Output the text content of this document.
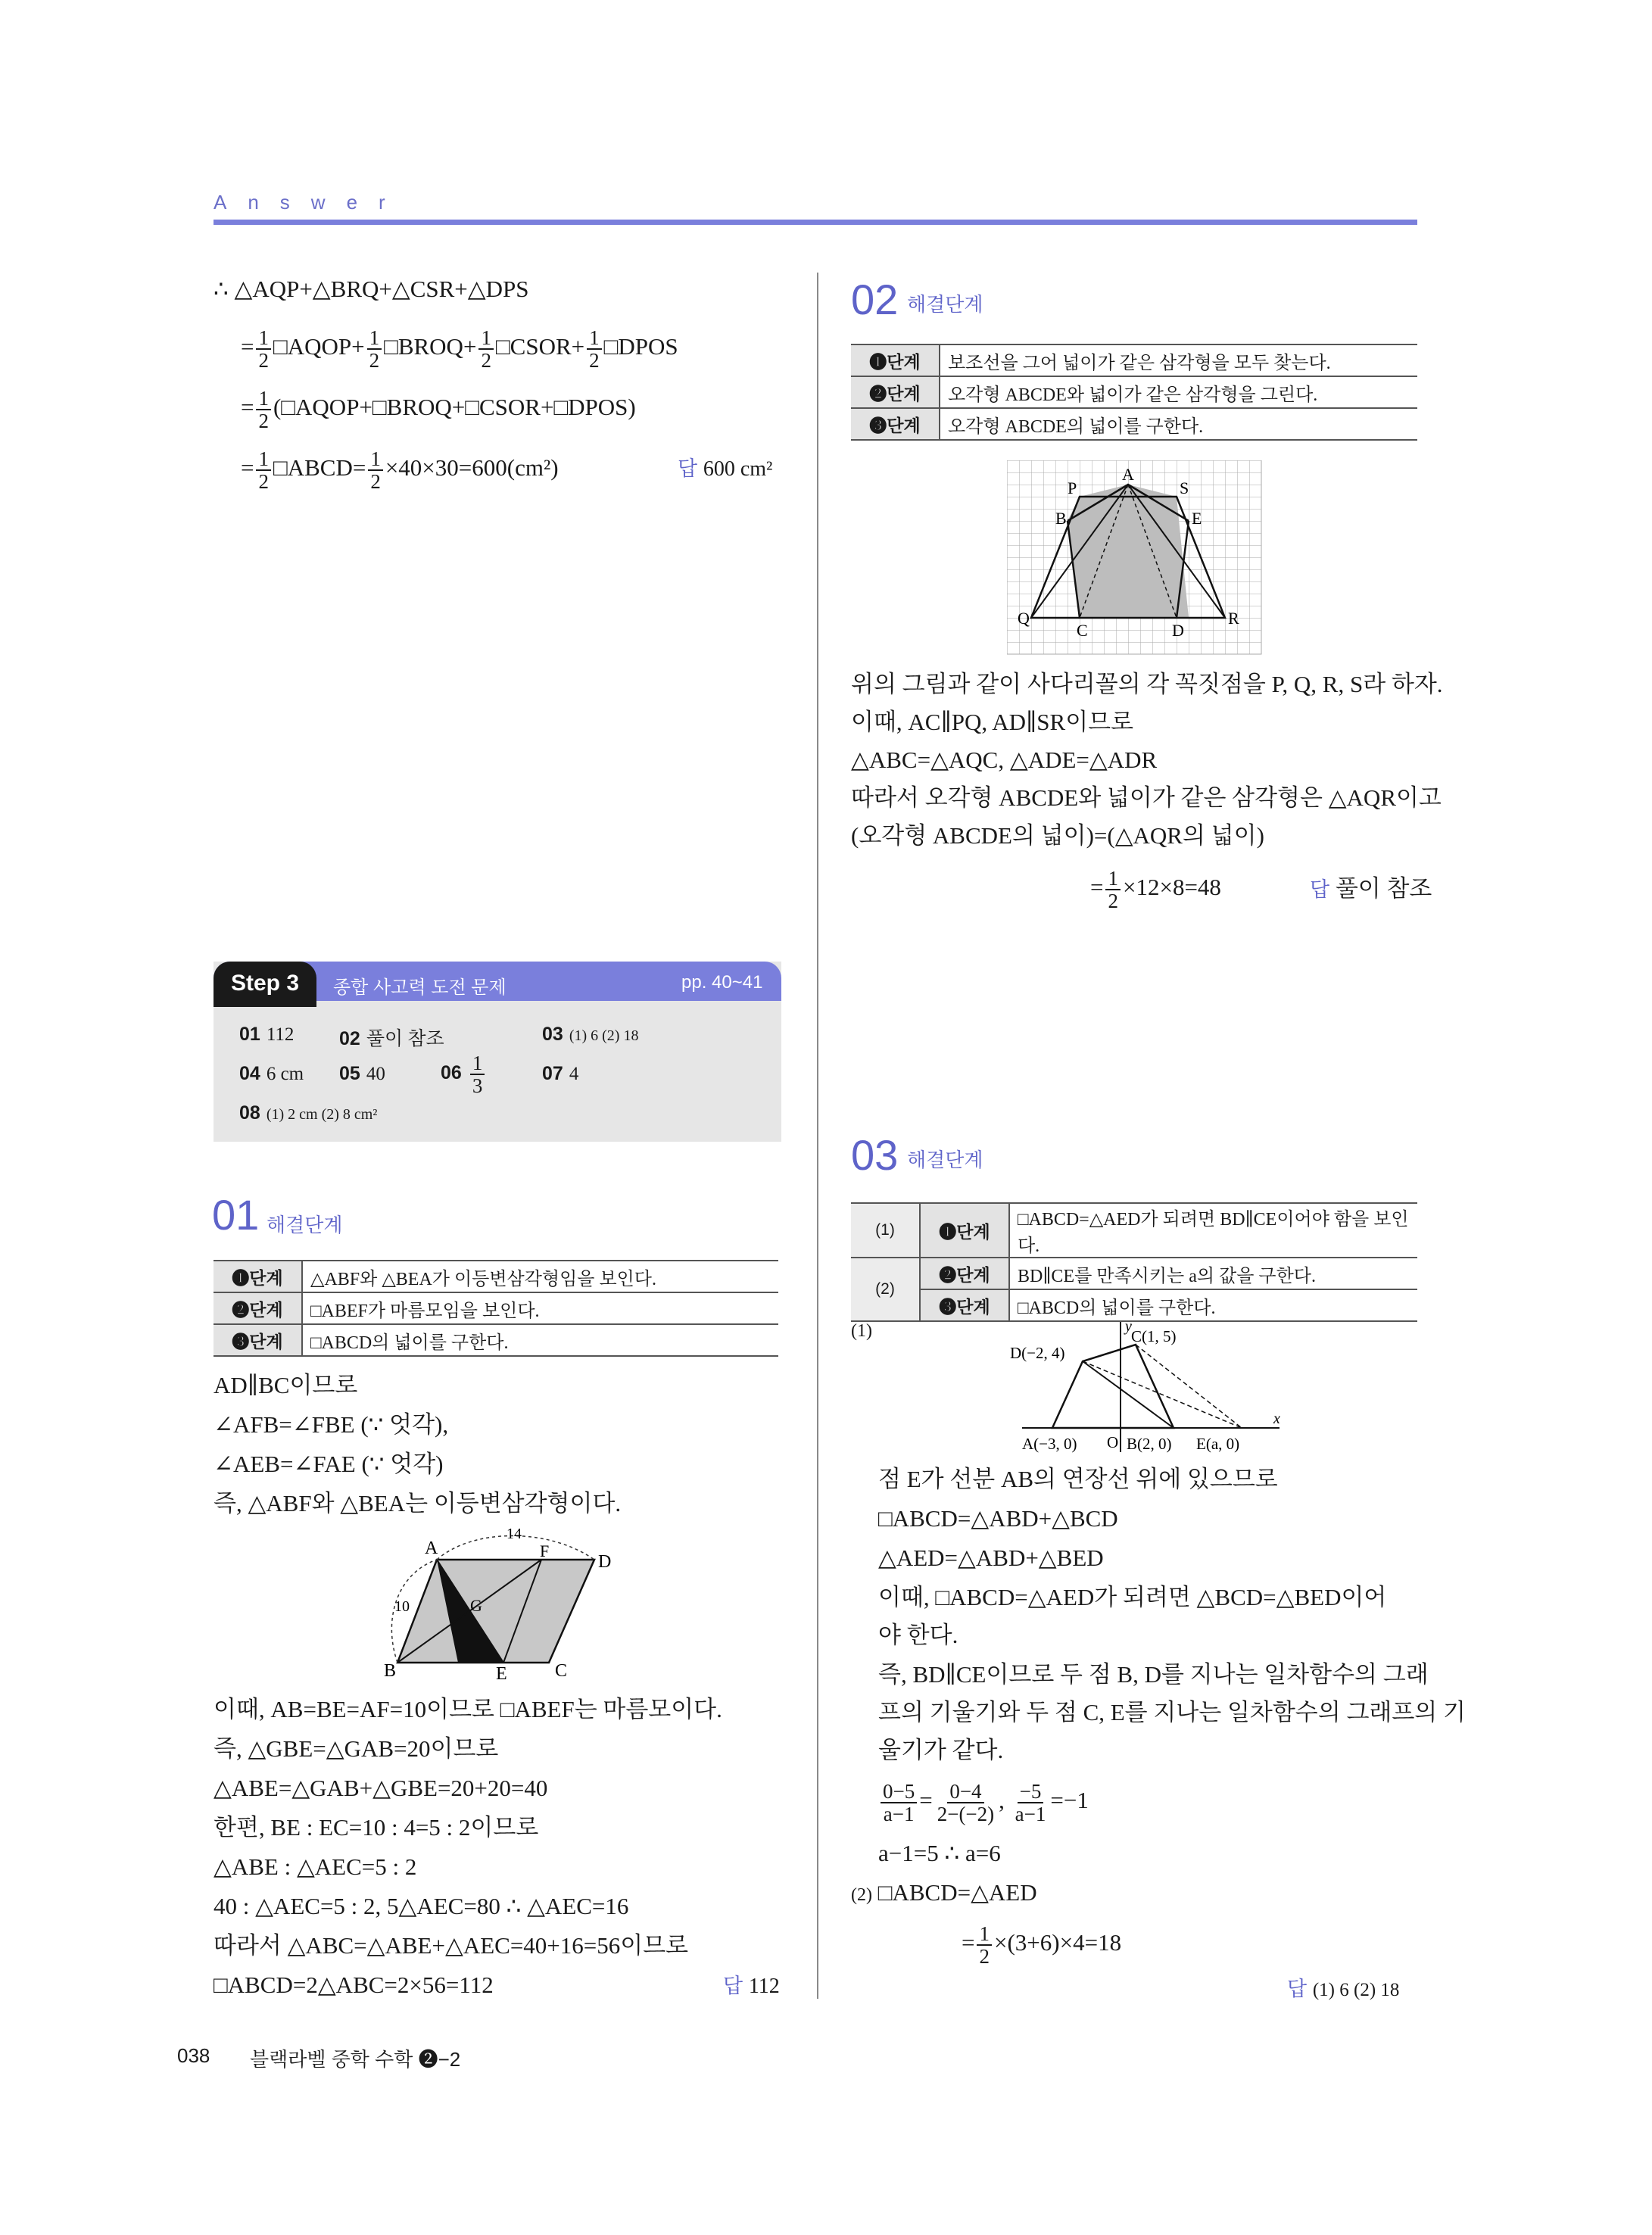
Answer
∴ △AQP+△BRQ+△CSR+△DPS
= $\frac{1}{2}$ □AQOP+ $\frac{1}{2}$ □BROQ+ $\frac{1}{2}$ □CSOR+ $\frac{1}{2}$ □DPOS
= $\frac{1}{2}$ (□AQOP+□BROQ+□CSOR+□DPOS)
= $\frac{1}{2}$ □ABCD= $\frac{1}{2} \times 40\times 30=600(cm^2)$	답 600 cm²
Step 3	종합 사고력 도전 문제	pp. 40~41
01 112 02 풀이 참조	03 (1) 6 (2) 18
04 6 cm 05 40	$06 \frac{1}{3}$	07 4
08 (1) 2 cm (2) 8 cm²
01 해결단계
❶단계	△ABF와 △BEA가 이등변삼각형임을 보인다.
❷단계	□ABEF가 마름모임을 보인다.
❸단계	□ABCD의 넓이를 구한다.
AD∥BC이므로
∠AFB=∠FBE (∵ 엇각),
∠AEB=∠FAE (∵ 엇각)
즉, △ABF와 △BEA는 이등변삼각형이다.
A
D
B	C
E
F
G
14
10
이때, AB=BE=AF=10이므로 □ABEF는 마름모이다.
즉, △GBE=△GAB=20이므로
△ABE=△GAB+△GBE=20+20=40
한편, BE : EC=10 : 4=5 : 2이므로
△ABE : △AEC=5 : 2
40 : △AEC=5 : 2, 5△AEC=80 ∴ △AEC=16
따라서 △ABC=△ABE+△AEC=40+16=56이므로
□ABCD=2△ABC=2×56=112	답 112
02 해결단계
❶단계	보조선을 그어 넓이가 같은 삼각형을 모두 찾는다.
❷단계	오각형 ABCDE와 넓이가 같은 삼각형을 그린다.
❸단계	오각형 ABCDE의 넓이를 구한다.
P
A
S
B	E
Q
C	D
R
위의 그림과 같이 사다리꼴의 각 꼭짓점을 P, Q, R, S라 하자.
이때, AC∥PQ, AD∥SR이므로
△ABC=△AQC, △ADE=△ADR
따라서 오각형 ABCDE와 넓이가 같은 삼각형은 △AQR이고
(오각형 ABCDE의 넓이)=(△AQR의 넓이)
= $\frac{1}{2} \times 12\times 8=48$	답 풀이 참조
03 해결단계
(1)	❶단계	□ABCD=△AED가 되려면 BD∥CE이어야 함을 보인다.
(2)	❷단계	BD∥CE를 만족시키는 a의 값을 구한다.
	❸단계	□ABCD의 넓이를 구한다.
(1)	y
x
C(1, 5)
D(−2, 4)
A(−3, 0) O B(2, 0) E(a, 0)
점 E가 선분 AB의 연장선 위에 있으므로
□ABCD=△ABD+△BCD
△AED=△ABD+△BED
이때, □ABCD=△AED가 되려면 △BCD=△BED이어
야 한다.
즉, BD∥CE이므로 두 점 B, D를 지나는 일차함수의 그래
프의 기울기와 두 점 C, E를 지나는 일차함수의 그래프의 기
울기가 같다.
$\frac{0-5}{a-1} = \frac{0-4}{2-(-2)}$ , $\frac{-5}{a-1} =-1$
a−1=5 ∴ a=6
(2) □ABCD=△AED
= $\frac{1}{2} \times(3+6)\times 4=18$
답 (1) 6 (2) 18
038 블랙라벨 중학 수학 ❷−2
